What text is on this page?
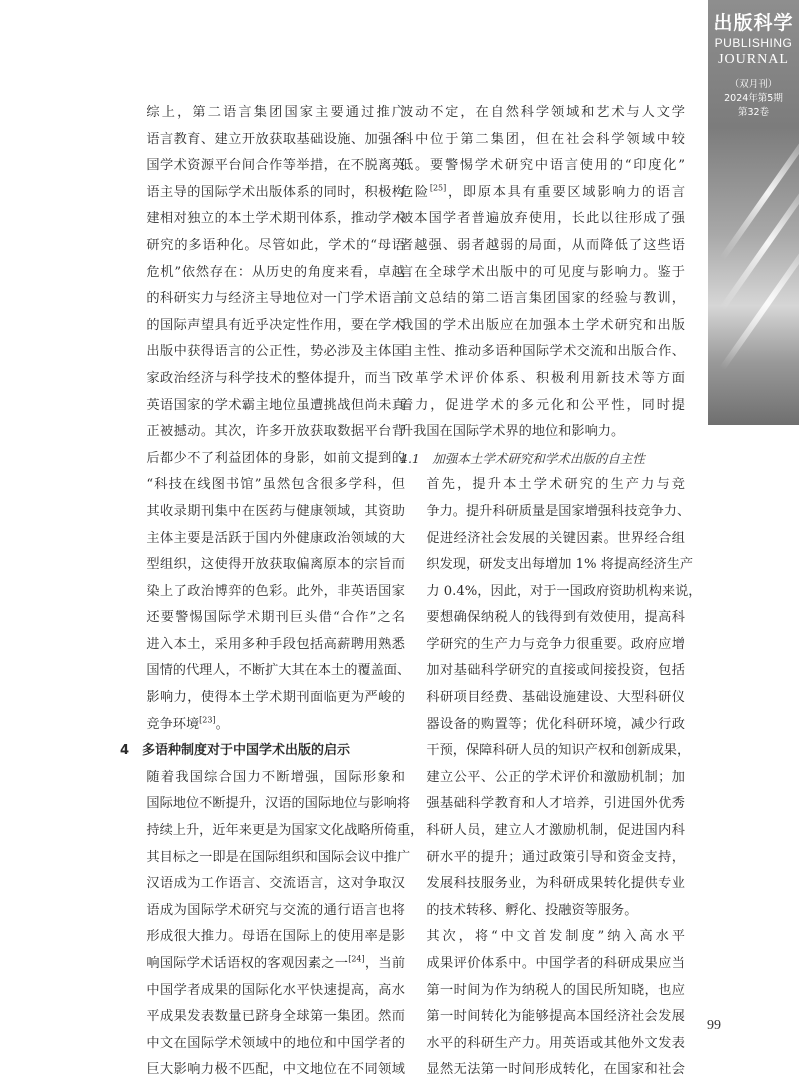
出版科学
PUBLISHING
JOURNAL
（双月刊）
2024年第5期
第32卷

综上，第二语言集团国家主要通过推广
语言教育、建立开放获取基础设施、加强各
国学术资源平台间合作等举措，在不脱离英
语主导的国际学术出版体系的同时，积极构
建相对独立的本土学术期刊体系，推动学术
研究的多语种化。尽管如此，学术的“母语
危机”依然存在：从历史的角度来看，卓越
的科研实力与经济主导地位对一门学术语言
的国际声望具有近乎决定性作用，要在学术
出版中获得语言的公正性，势必涉及主体国
家政治经济与科学技术的整体提升，而当下
英语国家的学术霸主地位虽遭挑战但尚未真
正被撼动。其次，许多开放获取数据平台背
后都少不了利益团体的身影，如前文提到的
“科技在线图书馆”虽然包含很多学科，但
其收录期刊集中在医药与健康领域，其资助
主体主要是活跃于国内外健康政治领域的大
型组织，这使得开放获取偏离原本的宗旨而
染上了政治博弈的色彩。此外，非英语国家
还要警惕国际学术期刊巨头借“合作”之名
进入本土，采用多种手段包括高薪聘用熟悉
国情的代理人，不断扩大其在本土的覆盖面、
影响力，使得本土学术期刊面临更为严峻的
竞争环境[23]。

4　多语种制度对于中国学术出版的启示

随着我国综合国力不断增强，国际形象和
国际地位不断提升，汉语的国际地位与影响将
持续上升，近年来更是为国家文化战略所倚重，
其目标之一即是在国际组织和国际会议中推广
汉语成为工作语言、交流语言，这对争取汉
语成为国际学术研究与交流的通行语言也将
形成很大推力。母语在国际上的使用率是影
响国际学术话语权的客观因素之一[24]，当前
中国学者成果的国际化水平快速提高，高水
平成果发表数量已跻身全球第一集团。然而
中文在国际学术领域中的地位和中国学者的
巨大影响力极不匹配，中文地位在不同领域

波动不定，在自然科学领域和艺术与人文学
科中位于第二集团，但在社会科学领域中较
低。要警惕学术研究中语言使用的“印度化”
危险[25]，即原本具有重要区域影响力的语言
被本国学者普遍放弃使用，长此以往形成了强
者越强、弱者越弱的局面，从而降低了这些语
言在全球学术出版中的可见度与影响力。鉴于
前文总结的第二语言集团国家的经验与教训，
我国的学术出版应在加强本土学术研究和出版
自主性、推动多语种国际学术交流和出版合作、
改革学术评价体系、积极利用新技术等方面
着力，促进学术的多元化和公平性，同时提
升我国在国际学术界的地位和影响力。

4.1　加强本土学术研究和学术出版的自主性

首先，提升本土学术研究的生产力与竞
争力。提升科研质量是国家增强科技竞争力、
促进经济社会发展的关键因素。世界经合组
织发现，研发支出每增加 1% 将提高经济生产
力 0.4%，因此，对于一国政府资助机构来说，
要想确保纳税人的钱得到有效使用，提高科
学研究的生产力与竞争力很重要。政府应增
加对基础科学研究的直接或间接投资，包括
科研项目经费、基础设施建设、大型科研仪
器设备的购置等；优化科研环境，减少行政
干预，保障科研人员的知识产权和创新成果，
建立公平、公正的学术评价和激励机制；加
强基础科学教育和人才培养，引进国外优秀
科研人员，建立人才激励机制，促进国内科
研水平的提升；通过政策引导和资金支持，
发展科技服务业，为科研成果转化提供专业
的技术转移、孵化、投融资等服务。

其次，将“中文首发制度”纳入高水平
成果评价体系中。中国学者的科研成果应当
第一时间为作为纳税人的国民所知晓，也应
第一时间转化为能够提高本国经济社会发展
水平的科研生产力。用英语或其他外文发表
显然无法第一时间形成转化，在国家和社会

99
